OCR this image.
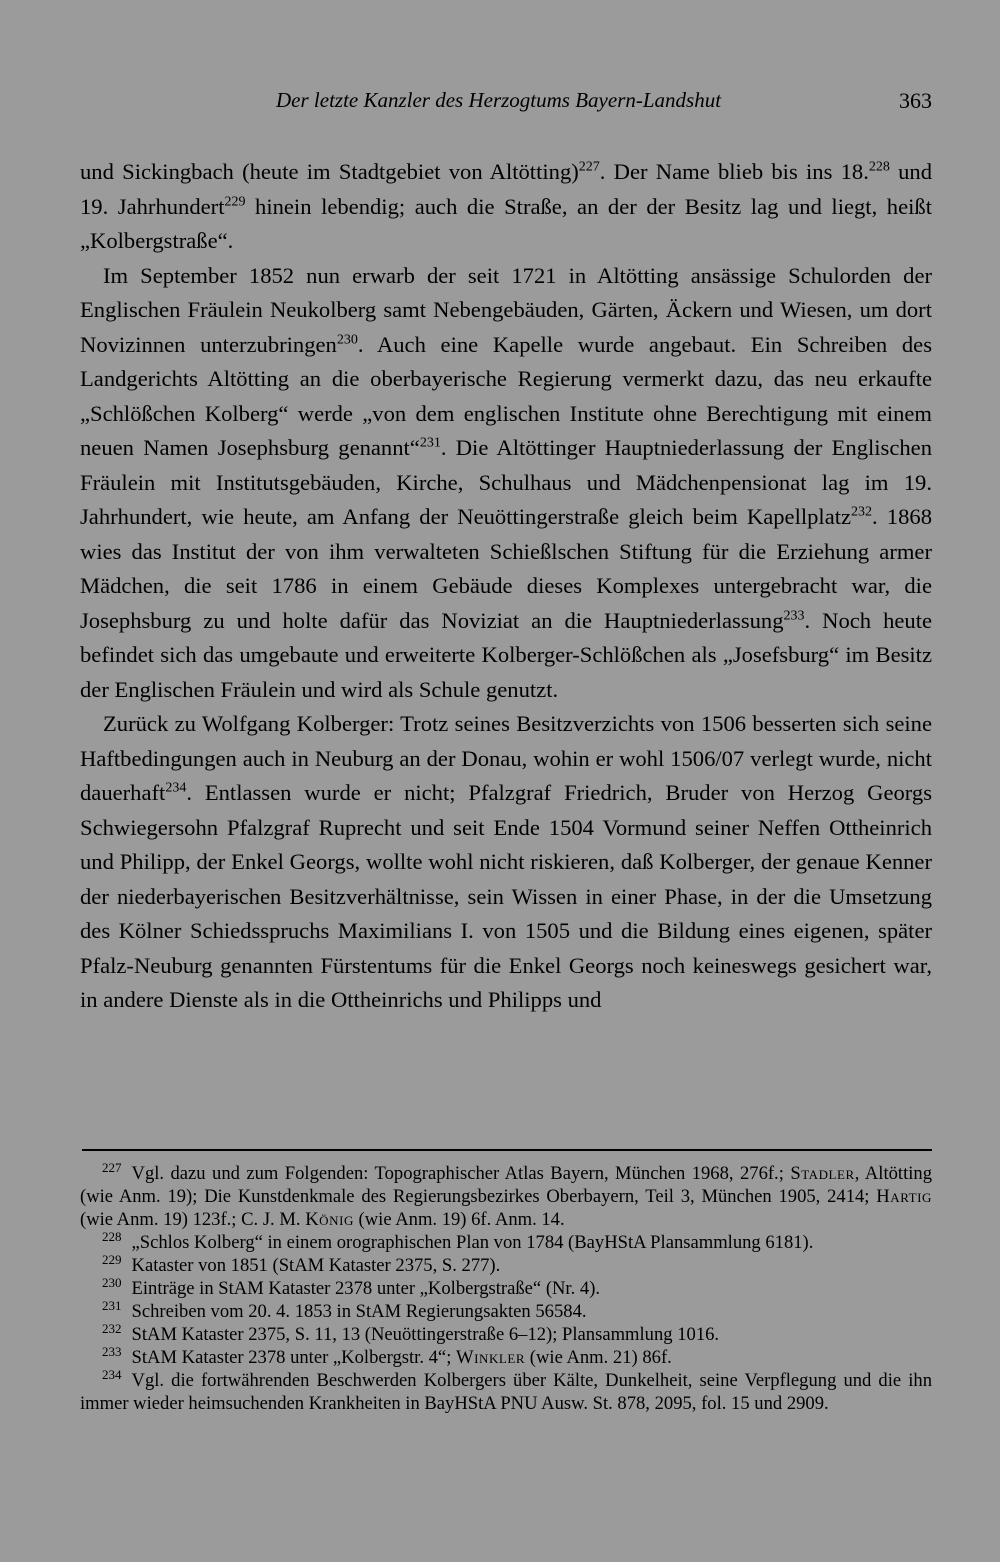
Der letzte Kanzler des Herzogtums Bayern-Landshut	363

und Sickingbach (heute im Stadtgebiet von Altötting)$^{227}$. Der Name blieb bis ins 18.$^{228}$ und 19. Jahrhundert$^{229}$ hinein lebendig; auch die Straße, an der der Besitz lag und liegt, heißt „Kolbergstraße“.

Im September 1852 nun erwarb der seit 1721 in Altötting ansässige Schulorden der Englischen Fräulein Neukolberg samt Nebengebäuden, Gärten, Äckern und Wiesen, um dort Novizinnen unterzubringen$^{230}$. Auch eine Kapelle wurde angebaut. Ein Schreiben des Landgerichts Altötting an die oberbayerische Regierung vermerkt dazu, das neu erkaufte „Schlößchen Kolberg“ werde „von dem englischen Institute ohne Berechtigung mit einem neuen Namen Josephsburg genannt“$^{231}$. Die Altöttinger Hauptniederlassung der Englischen Fräulein mit Institutsgebäuden, Kirche, Schulhaus und Mädchenpensionat lag im 19. Jahrhundert, wie heute, am Anfang der Neuöttingerstraße gleich beim Kapellplatz$^{232}$. 1868 wies das Institut der von ihm verwalteten Schießlschen Stiftung für die Erziehung armer Mädchen, die seit 1786 in einem Gebäude dieses Komplexes untergebracht war, die Josephsburg zu und holte dafür das Noviziat an die Hauptniederlassung$^{233}$. Noch heute befindet sich das umgebaute und erweiterte Kolberger-Schlößchen als „Josefsburg“ im Besitz der Englischen Fräulein und wird als Schule genutzt.

Zurück zu Wolfgang Kolberger: Trotz seines Besitzverzichts von 1506 besserten sich seine Haftbedingungen auch in Neuburg an der Donau, wohin er wohl 1506/07 verlegt wurde, nicht dauerhaft$^{234}$. Entlassen wurde er nicht; Pfalzgraf Friedrich, Bruder von Herzog Georgs Schwiegersohn Pfalzgraf Ruprecht und seit Ende 1504 Vormund seiner Neffen Ottheinrich und Philipp, der Enkel Georgs, wollte wohl nicht riskieren, daß Kolberger, der genaue Kenner der niederbayerischen Besitzverhältnisse, sein Wissen in einer Phase, in der die Umsetzung des Kölner Schiedsspruchs Maximilians I. von 1505 und die Bildung eines eigenen, später Pfalz-Neuburg genannten Fürstentums für die Enkel Georgs noch keineswegs gesichert war, in andere Dienste als in die Ottheinrichs und Philipps und

$^{227}$ Vgl. dazu und zum Folgenden: Topographischer Atlas Bayern, München 1968, 276f.; Stadler, Altötting (wie Anm. 19); Die Kunstdenkmale des Regierungsbezirkes Oberbayern, Teil 3, München 1905, 2414; Hartig (wie Anm. 19) 123f.; C. J. M. König (wie Anm. 19) 6f. Anm. 14.

$^{228}$ „Schlos Kolberg“ in einem orographischen Plan von 1784 (BayHStA Plansammlung 6181).

$^{229}$ Kataster von 1851 (StAM Kataster 2375, S. 277).

$^{230}$ Einträge in StAM Kataster 2378 unter „Kolbergstraße“ (Nr. 4).

$^{231}$ Schreiben vom 20. 4. 1853 in StAM Regierungsakten 56584.

$^{232}$ StAM Kataster 2375, S. 11, 13 (Neuöttingerstraße 6–12); Plansammlung 1016.

$^{233}$ StAM Kataster 2378 unter „Kolbergstr. 4“; Winkler (wie Anm. 21) 86f.

$^{234}$ Vgl. die fortwährenden Beschwerden Kolbergers über Kälte, Dunkelheit, seine Verpflegung und die ihn immer wieder heimsuchenden Krankheiten in BayHStA PNU Ausw. St. 878, 2095, fol. 15 und 2909.
